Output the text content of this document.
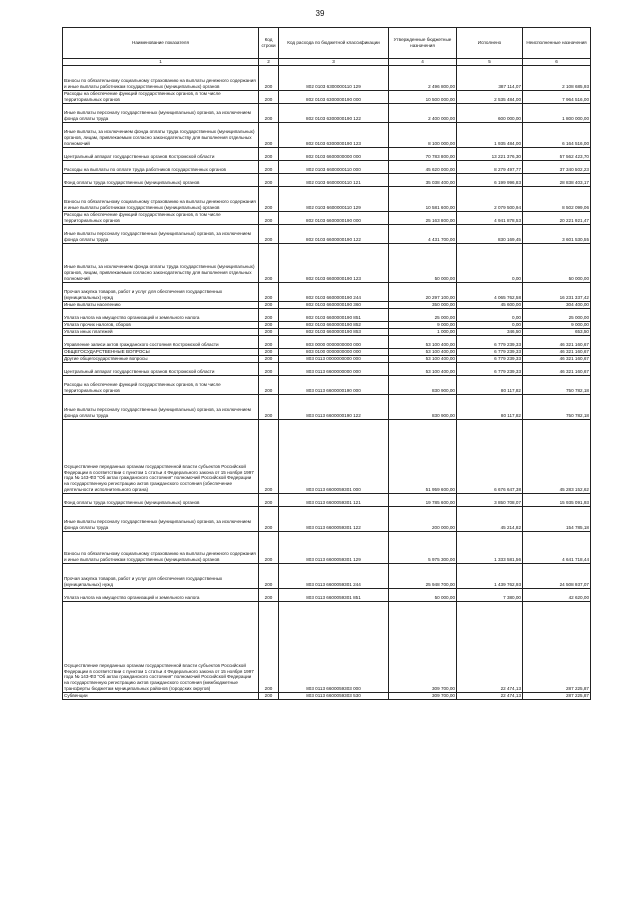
39
Наименование показателя	Код строки	Код расхода по бюджетной классификации	Утвержденные бюджетные назначения	Исполнено	Неисполненные назначения
1	2	3	4	5	6
Взносы по обязательному социальному страхованию на выплаты денежного содержания и иные выплаты работникам государственных (муниципальных) органов	200	802 0103 6300000110 129	2 496 800,00	387 114,07	2 108 685,93
Расходы на обеспечение функций государственных органов, в том числе территориальных органов	200	802 0103 6300000190 000	10 500 000,00	2 535 484,00	7 964 516,00
Иные выплаты персоналу государственных (муниципальных) органов, за исключением фонда оплаты труда	200	802 0103 6300000190 122	2 400 000,00	600 000,00	1 800 000,00
Иные выплаты, за исключением фонда оплаты труда государственных (муниципальных) органов, лицам, привлекаемым согласно законодательству для выполнения отдельных полномочий	200	802 0103 6300000190 123	8 100 000,00	1 935 484,00	6 164 516,00
Центральный аппарат государственных органов Костромской области	200	802 0103 6600000000 000	70 783 800,00	13 221 376,30	57 562 423,70
Расходы на выплаты по оплате труда работников государственных органов	200	802 0103 6600000110 000	45 620 000,00	8 279 497,77	37 340 502,23
Фонд оплаты труда государственных (муниципальных) органов	200	802 0103 6600000110 121	35 038 400,00	6 199 996,83	28 838 403,17
Взносы по обязательному социальному страхованию на выплаты денежного содержания и иные выплаты работникам государственных (муниципальных) органов	200	802 0103 6600000110 129	10 581 600,00	2 079 500,94	8 502 099,06
Расходы на обеспечение функций государственных органов, в том числе территориальных органов	200	802 0103 6600000190 000	25 163 800,00	4 941 878,53	20 221 921,47
Иные выплаты персоналу государственных (муниципальных) органов, за исключением фонда оплаты труда	200	802 0103 6600000190 122	4 431 700,00	830 169,45	3 601 530,55
Иные выплаты, за исключением фонда оплаты труда государственных (муниципальных) органов, лицам, привлекаемым согласно законодательству для выполнения отдельных полномочий	200	802 0103 6600000190 123	50 000,00	0,00	50 000,00
Прочая закупка товаров, работ и услуг для обеспечения государственных (муниципальных) нужд	200	802 0103 6600000190 244	20 297 100,00	4 065 762,58	16 231 337,42
Иные выплаты населению	200	802 0103 6600000190 360	350 000,00	45 600,00	304 400,00
Уплата налога на имущество организаций и земельного налога	200	802 0103 6600000190 851	25 000,00	0,00	25 000,00
Уплата прочих налогов, сборов	200	802 0103 6600000190 852	9 000,00	0,00	9 000,00
Уплата иных платежей	200	802 0103 6600000190 853	1 000,00	346,50	653,50
Управление записи актов гражданского состояния Костромской области	200	803 0000 0000000000 000	53 100 400,00	6 779 239,33	46 321 160,67
ОБЩЕГОСУДАРСТВЕННЫЕ ВОПРОСЫ	200	803 0100 0000000000 000	53 100 400,00	6 779 239,33	46 321 160,67
Другие общегосударственные вопросы	200	803 0113 0000000000 000	53 100 400,00	6 779 239,33	46 321 160,67
Центральный аппарат государственных органов Костромской области	200	803 0113 6600000000 000	53 100 400,00	6 779 239,33	46 321 160,67
Расходы на обеспечение функций государственных органов, в том числе территориальных органов	200	803 0113 6600000190 000	830 900,00	80 117,82	750 782,18
Иные выплаты персоналу государственных (муниципальных) органов, за исключением фонда оплаты труда	200	803 0113 6600000190 122	830 900,00	80 117,82	750 782,18
Осуществление переданных органам государственной власти субъектов Российской Федерации в соответствии с пунктом 1 статьи 4 Федерального закона от 15 ноября 1997 года № 143-ФЗ "Об актах гражданского состояния" полномочий Российской Федерации на государственную регистрацию актов гражданского состояния (обеспечение деятельности исполнительного органа)	200	803 0113 6600059301 000	51 959 600,00	6 676 647,38	45 283 152,62
Фонд оплаты труда государственных (муниципальных) органов	200	803 0113 6600059301 121	19 785 600,00	3 850 708,07	15 935 091,93
Иные выплаты персоналу государственных (муниципальных) органов, за исключением фонда оплаты труда	200	803 0113 6600059301 122	200 000,00	45 214,82	154 785,18
Взносы по обязательному социальному страхованию на выплаты денежного содержания и иные выплаты работникам государственных (муниципальных) органов	200	803 0113 6600059301 129	5 975 300,00	1 333 581,56	4 641 718,44
Прочая закупка товаров, работ и услуг для обеспечения государственных (муниципальных) нужд	200	803 0113 6600059301 244	25 948 700,00	1 439 762,93	24 508 937,07
Уплата налога на имущество организаций и земельного налога	200	803 0113 6600059301 851	50 000,00	7 380,00	42 620,00
Осуществление переданных органам государственной власти субъектов Российской Федерации в соответствии с пунктом 1 статьи 4 Федерального закона от 15 ноября 1997 года № 143-ФЗ "Об актах гражданского состояния" полномочий Российской Федерации на государственную регистрацию актов гражданского состояния (межбюджетные трансферты бюджетам муниципальных районов (городских округов)	200	803 0113 6600059303 000	309 700,00	22 474,13	287 225,87
Субвенции	200	803 0113 6600059303 530	309 700,00	22 474,13	287 225,87
